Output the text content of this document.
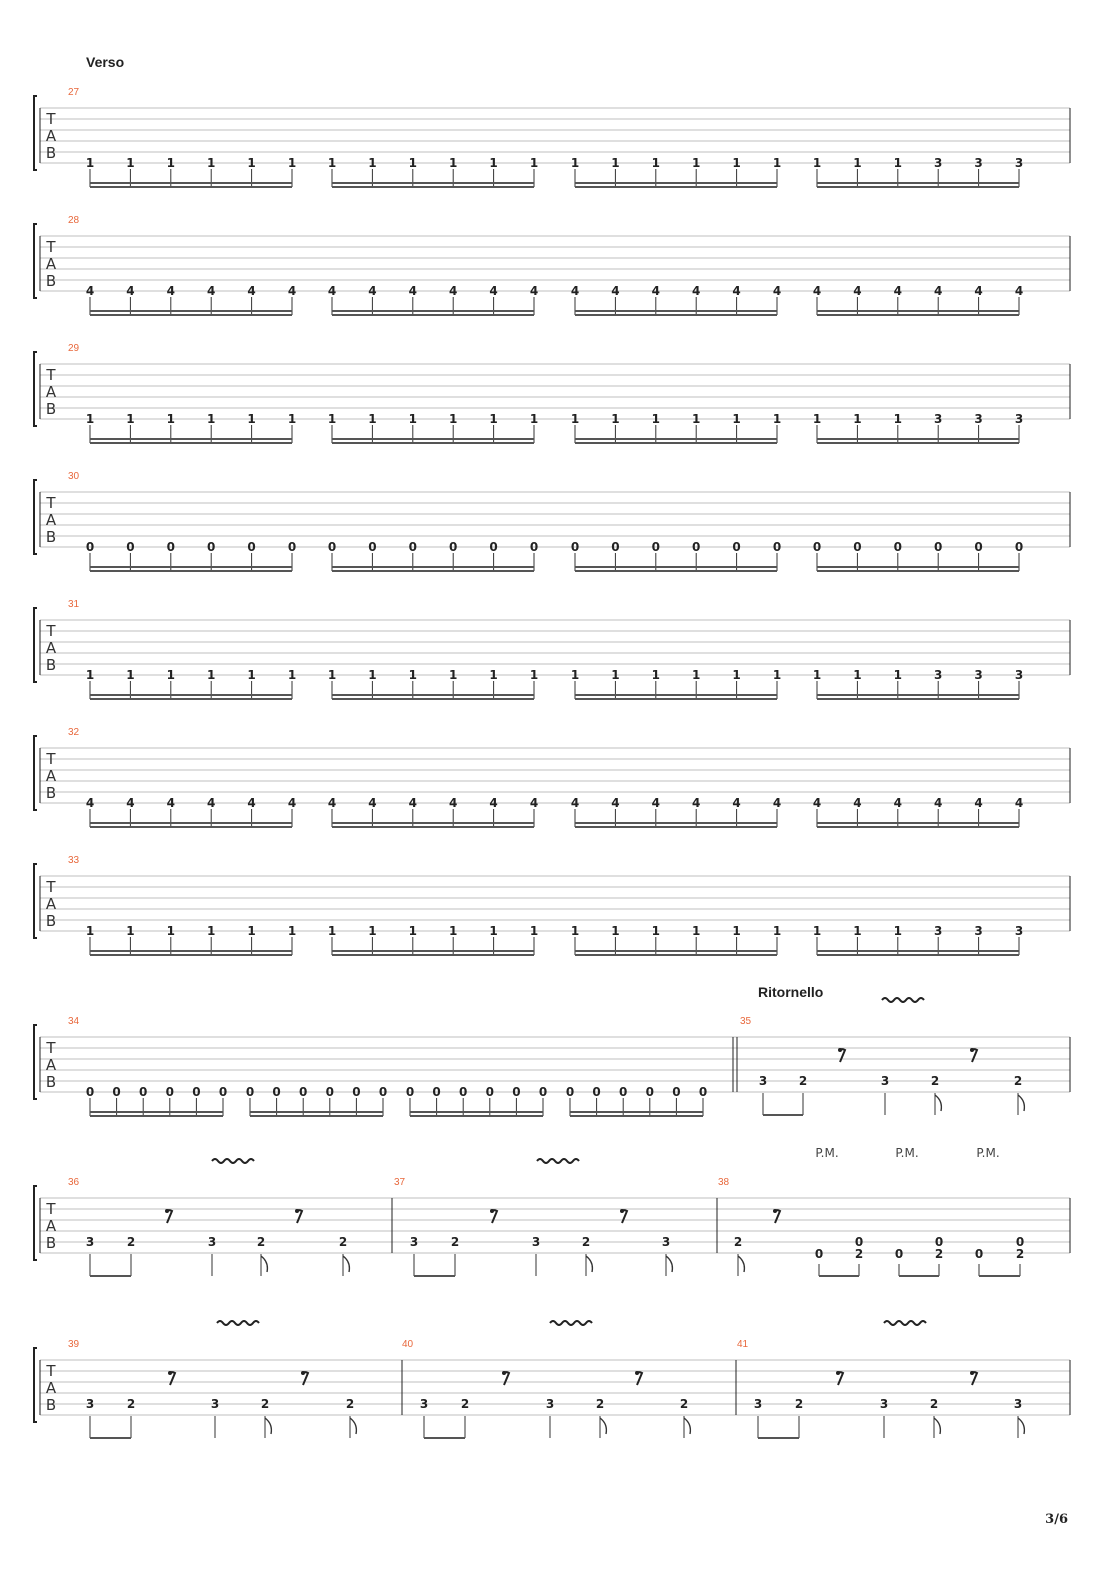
Verso
Ritornello
T
A
B
27
1	1	1	1	1	1	1	1	1	1	1	1	1	1	1	1	1	1	1	1	1	3	3	3
T
A
B
28
4	4	4	4	4	4	4	4	4	4	4	4	4	4	4	4	4	4	4	4	4	4	4	4
T
A
B
29
1	1	1	1	1	1	1	1	1	1	1	1	1	1	1	1	1	1	1	1	1	3	3	3
T
A
B
30
0	0	0	0	0	0	0	0	0	0	0	0	0	0	0	0	0	0	0	0	0	0	0	0
T
A
B
31
1	1	1	1	1	1	1	1	1	1	1	1	1	1	1	1	1	1	1	1	1	3	3	3
T
A
B
32
4	4	4	4	4	4	4	4	4	4	4	4	4	4	4	4	4	4	4	4	4	4	4	4
T
A
B
33
1	1	1	1	1	1	1	1	1	1	1	1	1	1	1	1	1	1	1	1	1	3	3	3
T
A
B
34
0 0 0 0 0 0 0 0 0 0 0 0 0 0 0 0 0 0 0 0 0 0 0 0
35
3	2	3	2	2
T
A
B
36	37	38
3	2	3	2	2	3	2	3	2	3	2
0
0
2
P.M.
0
0
2
P.M.
0
0
2
P.M.
T
A
B
39	40	41
3	2	3	2	2	3	2	3	2	2	3	2	3	2	3
3/6
